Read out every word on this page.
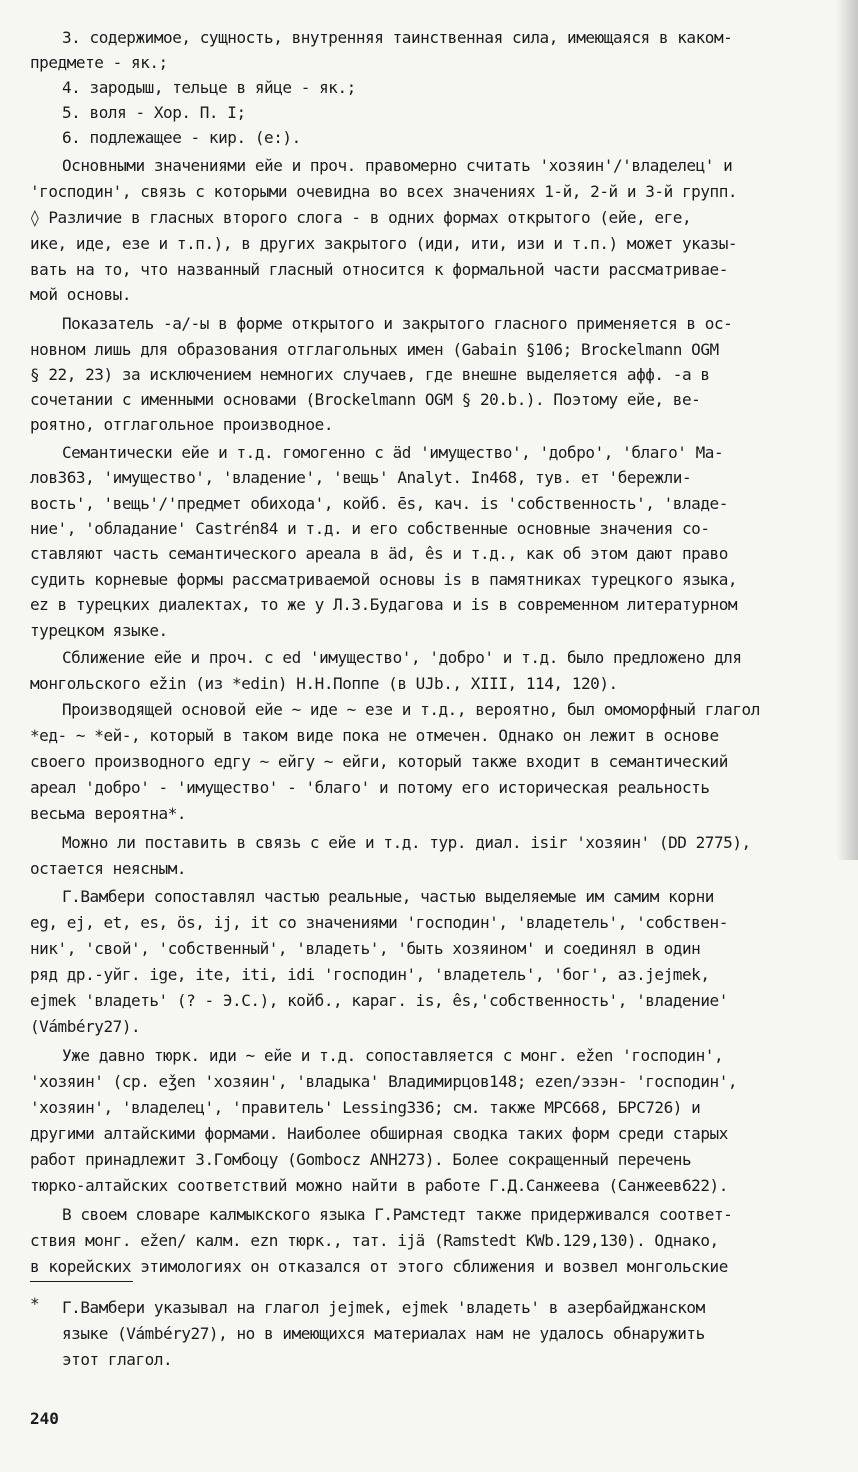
3. содержимое, сущность, внутренняя таинственная сила, имеющаяся в каком-
предмете - як.;
4. зародыш, тельце в яйце - як.;
5. воля - Хор. П. I;
6. подлежащее - кир. (е:).
Основными значениями ейе и проч. правомерно считать 'хозяин'/'владелец' и
'господин', связь с которыми очевидна во всех значениях 1-й, 2-й и 3-й групп.
◊ Различие в гласных второго слога - в одних формах открытого (ейе, еге,
ике, иде, езе и т.п.), в других закрытого (иди, ити, изи и т.п.) может указы-
вать на то, что названный гласный относится к формальной части рассматривае-
мой основы.
Показатель -а/-ы в форме открытого и закрытого гласного применяется в ос-
новном лишь для образования отглагольных имен (Gabain §106; Brockelmann OGM
§ 22, 23) за исключением немногих случаев, где внешне выделяется афф. -а в
сочетании с именными основами (Brockelmann OGM § 20.b.). Поэтому ейе, ве-
роятно, отглагольное производное.
Семантически ейе и т.д. гомогенно с äd 'имущество', 'добро', 'благо' Ма-
лов363, 'имущество', 'владение', 'вещь' Analyt. In468, тув. ет 'бережли-
вость', 'вещь'/'предмет обихода', койб. ēs, кач. is 'собственность', 'владе-
ние', 'обладание' Castrén84 и т.д. и его собственные основные значения со-
ставляют часть семантического ареала в äd, ês и т.д., как об этом дают право
судить корневые формы рассматриваемой основы is в памятниках турецкого языка,
ez в турецких диалектах, то же у Л.З.Будагова и is в современном литературном
турецком языке.
Сближение ейе и проч. с ed 'имущество', 'добро' и т.д. было предложено для
монгольского ežin (из *edin) Н.Н.Поппе (в UJb., XIII, 114, 120).
Производящей основой ейе ~ иде ~ езе и т.д., вероятно, был омоморфный глагол
*ед- ~ *ей-, который в таком виде пока не отмечен. Однако он лежит в основе
своего производного едгу ~ ейгу ~ ейги, который также входит в семантический
ареал 'добро' - 'имущество' - 'благо' и потому его историческая реальность
весьма вероятна*.
Можно ли поставить в связь с ейе и т.д. тур. диал. isir 'хозяин' (DD 2775),
остается неясным.
Г.Вамбери сопоставлял частью реальные, частью выделяемые им самим корни
eg, ej, et, es, ös, ij, it со значениями 'господин', 'владетель', 'собствен-
ник', 'свой', 'собственный', 'владеть', 'быть хозяином' и соединял в один
ряд др.-уйг. ige, ite, iti, idi 'господин', 'владетель', 'бог', аз.jejmek,
ejmek 'владеть' (? - Э.С.), койб., караг. is, ês,'собственность', 'владение'
(Vámbéry27).
Уже давно тюрк. иди ~ ейе и т.д. сопоставляется с монг. ežen 'господин',
'хозяин' (ср. eǯen 'хозяин', 'владыка' Владимирцов148; ezen/эзэн- 'господин',
'хозяин', 'владелец', 'правитель' Lessing336; см. также МРС668, БРС726) и
другими алтайскими формами. Наиболее обширная сводка таких форм среди старых
работ принадлежит З.Гомбоцу (Gombocz ANH273). Более сокращенный перечень
тюрко-алтайских соответствий можно найти в работе Г.Д.Санжеева (Санжеев622).
В своем словаре калмыкского языка Г.Рамстедт также придерживался соответ-
ствия монг. ežen/ калм. ezn тюрк., тат. ijä (Ramstedt KWb.129,130). Однако,
в корейских этимологиях он отказался от этого сближения и возвел монгольские
* Г.Вамбери указывал на глагол jejmek, ejmek 'владеть' в азербайджанском
языке (Vámbéry27), но в имеющихся материалах нам не удалось обнаружить
этот глагол.
240
